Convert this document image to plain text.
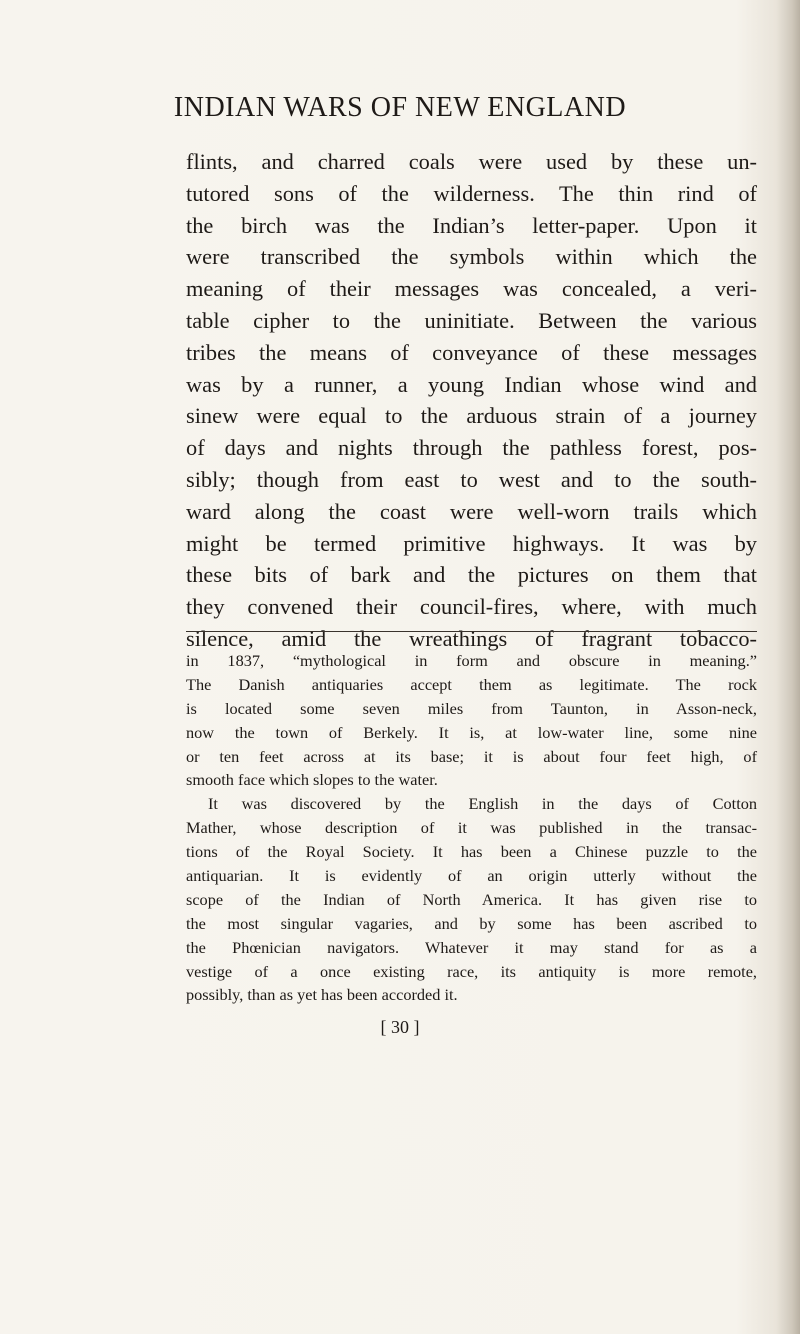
INDIAN WARS OF NEW ENGLAND
flints, and charred coals were used by these un-
tutored sons of the wilderness. The thin rind of
the birch was the Indian’s letter-paper. Upon it
were transcribed the symbols within which the
meaning of their messages was concealed, a veri-
table cipher to the uninitiate. Between the various
tribes the means of conveyance of these messages
was by a runner, a young Indian whose wind and
sinew were equal to the arduous strain of a journey
of days and nights through the pathless forest, pos-
sibly; though from east to west and to the south-
ward along the coast were well-worn trails which
might be termed primitive highways. It was by
these bits of bark and the pictures on them that
they convened their council-fires, where, with much
silence, amid the wreathings of fragrant tobacco-
in 1837, “mythological in form and obscure in meaning.”
The Danish antiquaries accept them as legitimate. The rock
is located some seven miles from Taunton, in Asson-neck,
now the town of Berkely. It is, at low-water line, some nine
or ten feet across at its base; it is about four feet high, of
smooth face which slopes to the water.
It was discovered by the English in the days of Cotton
Mather, whose description of it was published in the transac-
tions of the Royal Society. It has been a Chinese puzzle to the
antiquarian. It is evidently of an origin utterly without the
scope of the Indian of North America. It has given rise to
the most singular vagaries, and by some has been ascribed to
the Phœnician navigators. Whatever it may stand for as a
vestige of a once existing race, its antiquity is more remote,
possibly, than as yet has been accorded it.
[ 30 ]
